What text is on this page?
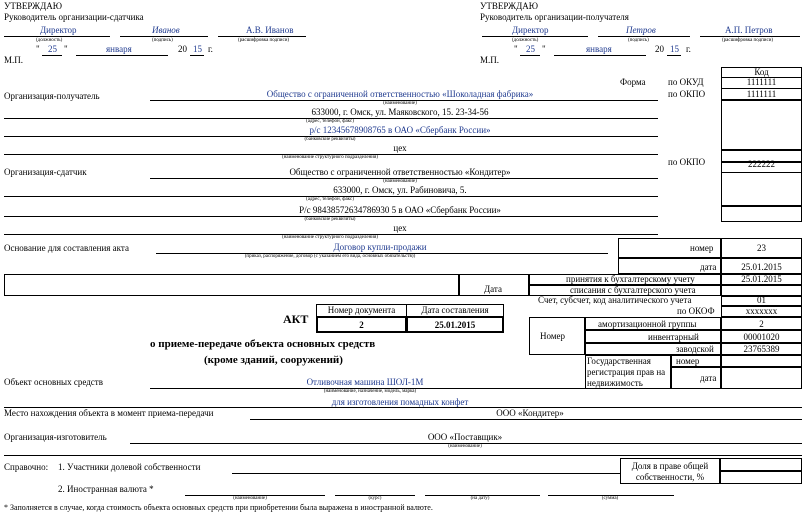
УТВЕРЖДАЮ
Руководитель организации-сдатчика
Директор	Иванов	А.В. Иванов
(должность)	(подпись)	(расшифровка подписи)
" 25 "	января	20 15 г.
М.П.
УТВЕРЖДАЮ
Руководитель организации-получателя
Директор	Петров	А.П. Петров
(должность)	(подпись)	(расшифровка подписи)
" 25 "	января	20 15 г.
М.П.
Код
Форма по ОКУД	1111111
по ОКПО	1111111
Организация-получатель	Общество с ограниченной ответственностью «Шоколадная фабрика»
(наименование)
633000, г. Омск, ул. Маяковского, 15. 23-34-56
(адрес, телефон, факс)
р/с 12345678908765 в ОАО «Сбербанк России»
(банковские реквизиты)
цех
(наименование структурного подразделения)	по ОКПО	222222
Организация-сдатчик	Общество с ограниченной ответственностью «Кондитер»
(наименование)
633000, г. Омск, ул. Рабиновича, 5.
(адрес, телефон, факс)
Р/с 98438572634786930 5 в ОАО «Сбербанк России»
(банковские реквизиты)
цех
(наименование структурного подразделения)
Основание для составления акта	Договор купли-продажи
(приказ, распоряжение, договор (с указанием его вида, основных обязательств))
номер	23
дата	25.01.2015
Дата
принятия к бухгалтерскому учету	25.01.2015
списания с бухгалтерского учета
Счет, субсчет, код аналитического учета	01
по ОКОФ	xxxxxxx
АКТ
Номер документа	Дата составления
2	25.01.2015
о приеме-передаче объекта основных средств
(кроме зданий, сооружений)
Номер
амортизационной группы	2
инвентарный	00001020
заводской	23765389
Государственная регистрация прав на недвижимость
номер
дата
Объект основных средств	Отливочная машина ШОЛ-1М
(наименование, назначение, модель, марка)
для изготовления помадных конфет
Место нахождения объекта в момент приема-передачи	ООО «Кондитер»
Организация-изготовитель	ООО «Поставщик»
(наименование)
Справочно: 1. Участники долевой собственности	Доля в праве общей собственности, %
2. Иностранная валюта *
(наименование)	(курс)	(на дату)	(сумма)
* Заполняется в случае, когда стоимость объекта основных средств при приобретении была выражена в иностранной валюте.
